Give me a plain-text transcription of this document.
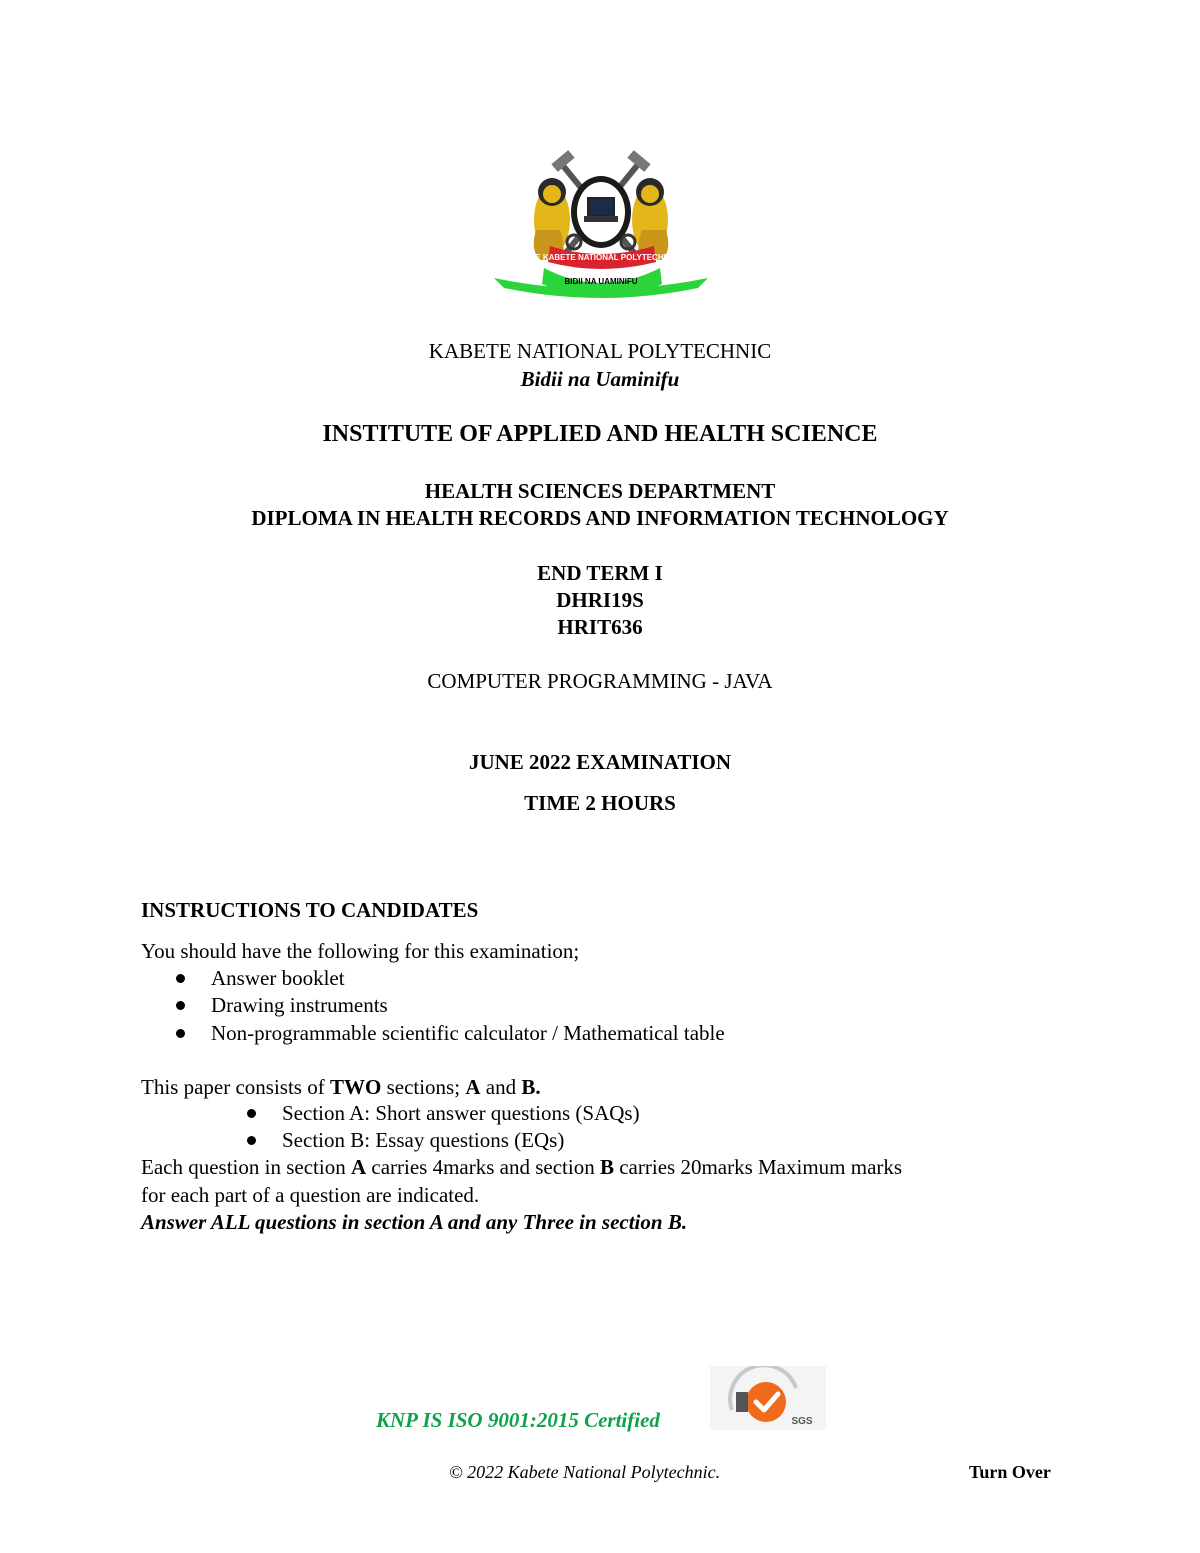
THE KABETE NATIONAL POLYTECHNIC
BIDII NA UAMINIFU
KABETE NATIONAL POLYTECHNIC
Bidii na Uaminifu
INSTITUTE OF APPLIED AND HEALTH SCIENCE
HEALTH SCIENCES DEPARTMENT
DIPLOMA IN HEALTH RECORDS AND INFORMATION TECHNOLOGY
END TERM I
DHRI19S
HRIT636
COMPUTER PROGRAMMING - JAVA
JUNE 2022 EXAMINATION
TIME 2 HOURS
INSTRUCTIONS TO CANDIDATES
You should have the following for this examination;
Answer booklet
Drawing instruments
Non-programmable scientific calculator / Mathematical table
This paper consists of TWO sections; A and B.
Section A: Short answer questions (SAQs)
Section B: Essay questions (EQs)
Each question in section A carries 4marks and section B carries 20marks Maximum marks
for each part of a question are indicated.
Answer ALL questions in section A and any Three in section B.
KNP IS ISO 9001:2015 Certified	SGS
© 2022 Kabete National Polytechnic.	Turn Over
